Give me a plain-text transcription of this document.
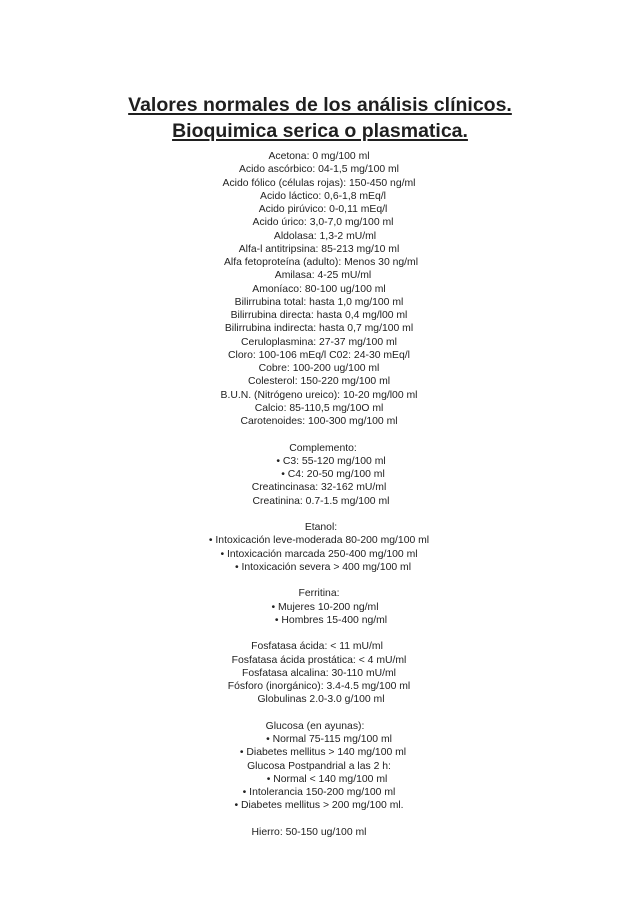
Valores normales de los análisis clínicos.
Bioquimica serica o plasmatica.
Acetona: 0 mg/100 ml
Acido ascórbico: 04-1,5 mg/100 ml
Acido fólico (células rojas): 150-450 ng/ml
Acido láctico: 0,6-1,8 mEq/l
Acido pirúvico: 0-0,11 mEq/l
Acido úrico: 3,0-7,0 mg/100 ml
Aldolasa: 1,3-2 mU/ml
Alfa-l antitripsina: 85-213 mg/10 ml
Alfa fetoproteína (adulto): Menos 30 ng/ml
Amilasa: 4-25 mU/ml
Amoníaco: 80-100 ug/100 ml
Bilirrubina total: hasta 1,0 mg/100 ml
Bilirrubina directa: hasta 0,4 mg/l00 ml
Bilirrubina indirecta: hasta 0,7 mg/100 ml
Ceruloplasmina: 27-37 mg/100 ml
Cloro: 100-106 mEq/l C02: 24-30 mEq/l
Cobre: 100-200 ug/100 ml
Colesterol: 150-220 mg/100 ml
B.U.N. (Nitrógeno ureico): 10-20 mg/l00 ml
Calcio: 85-110,5 mg/10O ml
Carotenoides: 100-300 mg/100 ml
Complemento:
• C3: 55-120 mg/100 ml
• C4: 20-50 mg/100 ml
Creatincinasa: 32-162 mU/ml
Creatinina: 0.7-1.5 mg/100 ml
Etanol:
• Intoxicación leve-moderada 80-200 mg/100 ml
• Intoxicación marcada 250-400 mg/100 ml
• Intoxicación severa > 400 mg/100 ml
Ferritina:
• Mujeres 10-200 ng/ml
• Hombres 15-400 ng/ml
Fosfatasa ácida: < 11 mU/ml
Fosfatasa ácida prostática: < 4 mU/ml
Fosfatasa alcalina: 30-110 mU/ml
Fósforo (inorgánico): 3.4-4.5 mg/100 ml
Globulinas 2.0-3.0 g/100 ml
Glucosa (en ayunas):
• Normal 75-115 mg/100 ml
• Diabetes mellitus > 140 mg/100 ml
Glucosa Postpandrial a las 2 h:
• Normal < 140 mg/100 ml
• Intolerancia 150-200 mg/100 ml
• Diabetes mellitus > 200 mg/100 ml.
Hierro: 50-150 ug/100 ml
